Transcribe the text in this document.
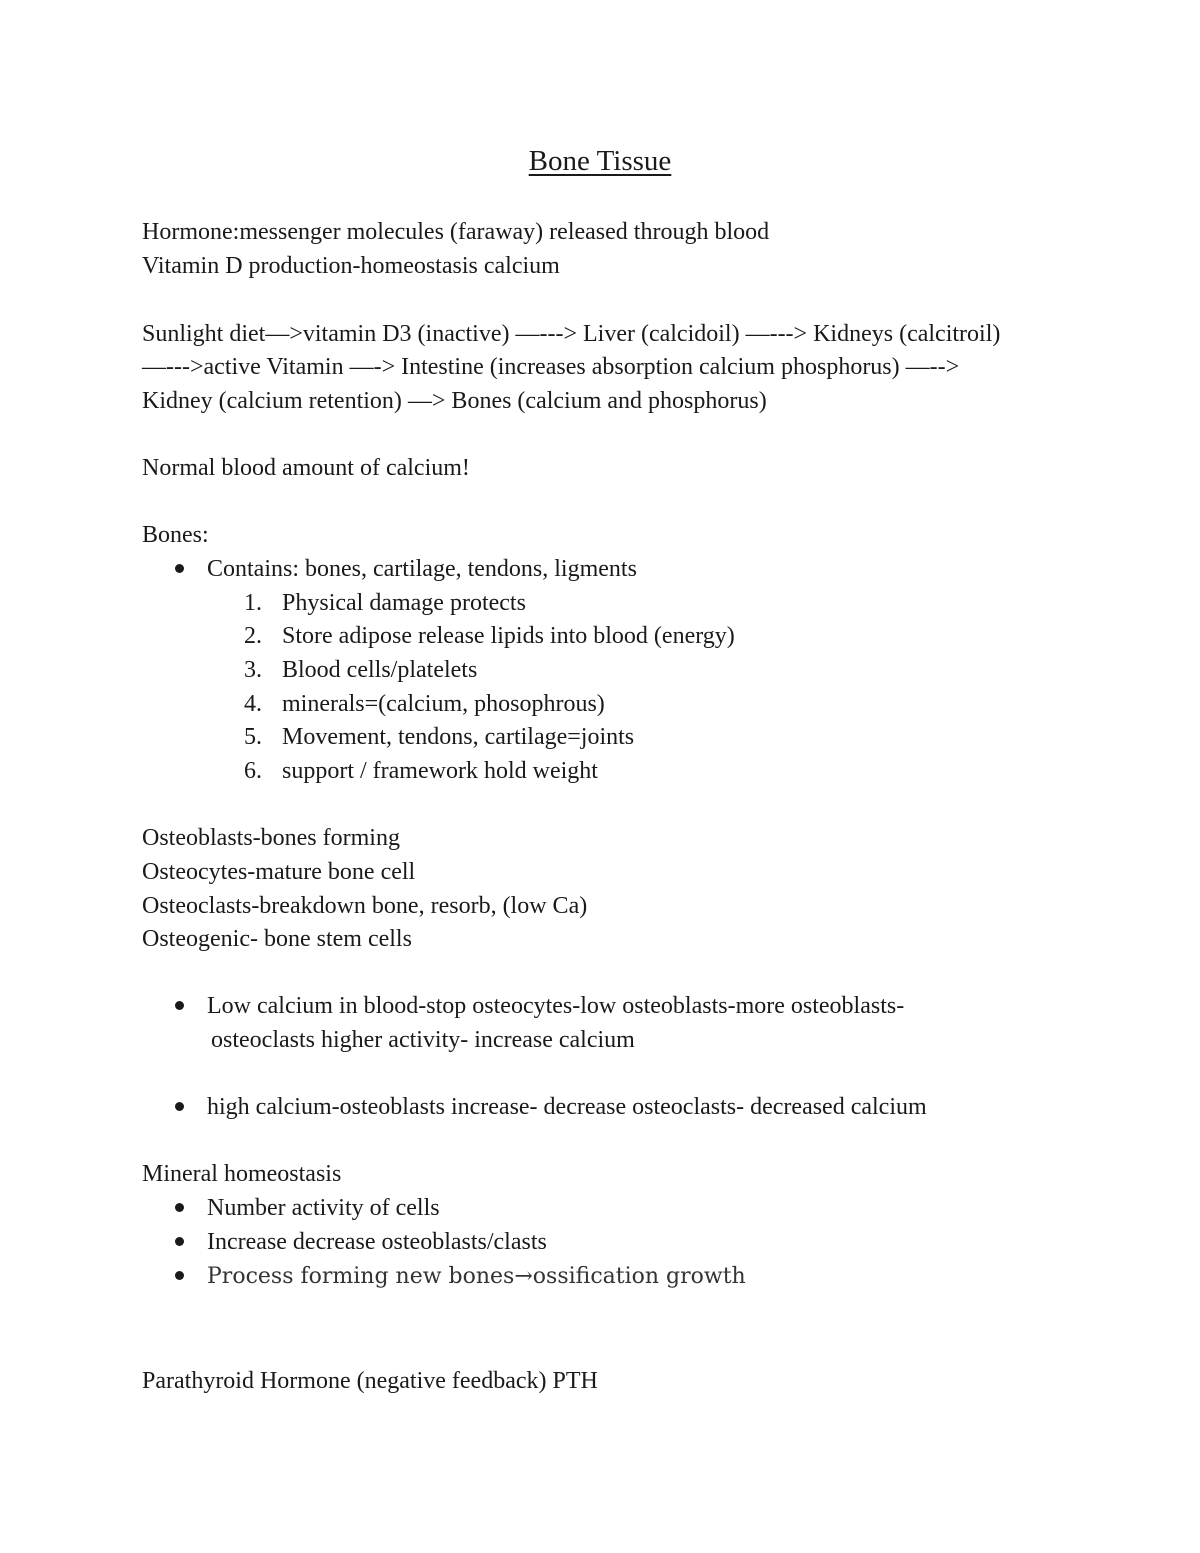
Bone Tissue
Hormone:messenger molecules (faraway) released through blood
Vitamin D production-homeostasis calcium
Sunlight diet—>vitamin D3 (inactive) —---> Liver (calcidoil) —---> Kidneys (calcitroil)
—--->active Vitamin —-> Intestine (increases absorption calcium phosphorus) —-->
Kidney (calcium retention) —> Bones (calcium and phosphorus)
Normal blood amount of calcium!
Bones:
Contains: bones, cartilage, tendons, ligments
1. Physical damage protects
2. Store adipose release lipids into blood (energy)
3. Blood cells/platelets
4. minerals=(calcium, phosophrous)
5. Movement, tendons, cartilage=joints
6. support / framework hold weight
Osteoblasts-bones forming
Osteocytes-mature bone cell
Osteoclasts-breakdown bone, resorb, (low Ca)
Osteogenic- bone stem cells
Low calcium in blood-stop osteocytes-low osteoblasts-more osteoblasts-
osteoclasts higher activity- increase calcium
high calcium-osteoblasts increase- decrease osteoclasts- decreased calcium
Mineral homeostasis
Number activity of cells
Increase decrease osteoblasts/clasts
Process forming new bones→ossification growth
Parathyroid Hormone (negative feedback) PTH
